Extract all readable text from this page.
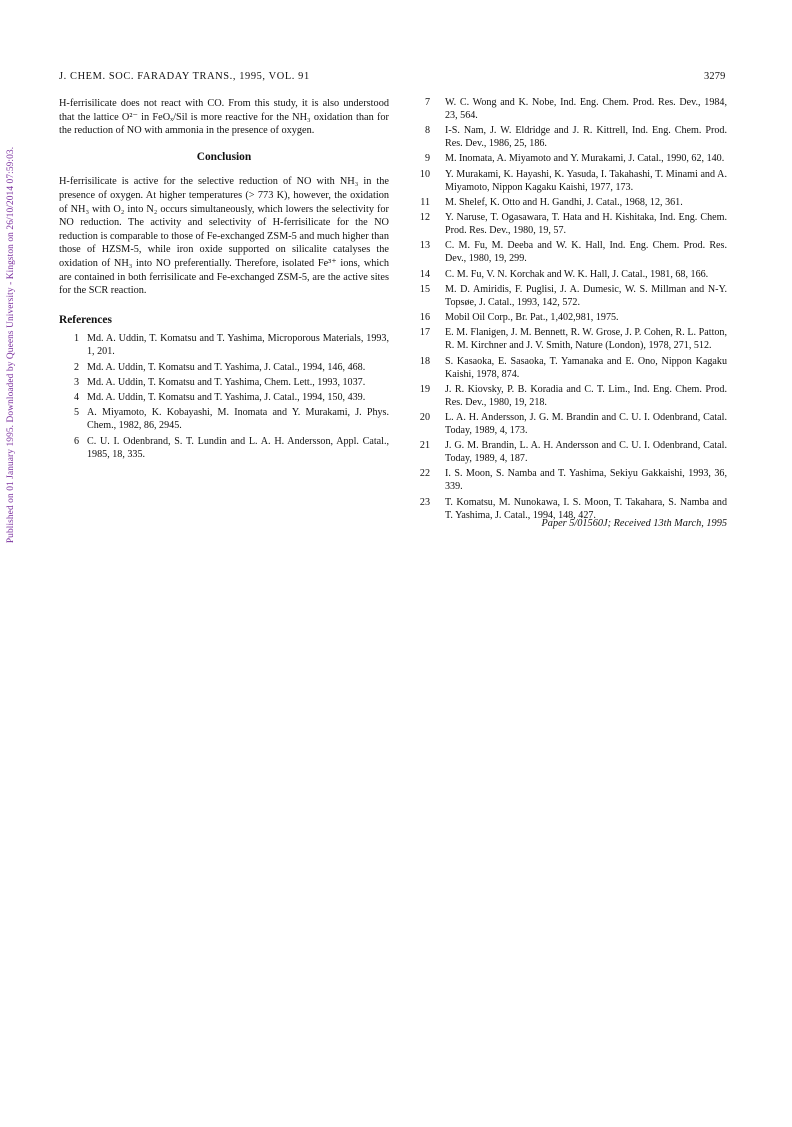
Published on 01 January 1995. Downloaded by Queens University - Kingston on 26/10/2014 07:59:03.
J. CHEM. SOC. FARADAY TRANS., 1995, VOL. 91	3279

H-ferrisilicate does not react with CO. From this study, it is also understood that the lattice O²⁻ in FeOₓ/Sil is more reactive for the NH₃ oxidation than for the reduction of NO with ammonia in the presence of oxygen.

Conclusion

H-ferrisilicate is active for the selective reduction of NO with NH₃ in the presence of oxygen. At higher temperatures (> 773 K), however, the oxidation of NH₃ with O₂ into N₂ occurs simultaneously, which lowers the selectivity for NO reduction. The activity and selectivity of H-ferrisilicate for the NO reduction is comparable to those of Fe-exchanged ZSM-5 and much higher than those of HZSM-5, while iron oxide supported on silicalite catalyses the oxidation of NH₃ into NO preferentially. Therefore, isolated Fe³⁺ ions, which are contained in both ferrisilicate and Fe-exchanged ZSM-5, are the active sites for the SCR reaction.

References
1 Md. A. Uddin, T. Komatsu and T. Yashima, Microporous Materials, 1993, 1, 201.
2 Md. A. Uddin, T. Komatsu and T. Yashima, J. Catal., 1994, 146, 468.
3 Md. A. Uddin, T. Komatsu and T. Yashima, Chem. Lett., 1993, 1037.
4 Md. A. Uddin, T. Komatsu and T. Yashima, J. Catal., 1994, 150, 439.
5 A. Miyamoto, K. Kobayashi, M. Inomata and Y. Murakami, J. Phys. Chem., 1982, 86, 2945.
6 C. U. I. Odenbrand, S. T. Lundin and L. A. H. Andersson, Appl. Catal., 1985, 18, 335.
7 W. C. Wong and K. Nobe, Ind. Eng. Chem. Prod. Res. Dev., 1984, 23, 564.
8 I-S. Nam, J. W. Eldridge and J. R. Kittrell, Ind. Eng. Chem. Prod. Res. Dev., 1986, 25, 186.
9 M. Inomata, A. Miyamoto and Y. Murakami, J. Catal., 1990, 62, 140.
10 Y. Murakami, K. Hayashi, K. Yasuda, I. Takahashi, T. Minami and A. Miyamoto, Nippon Kagaku Kaishi, 1977, 173.
11 M. Shelef, K. Otto and H. Gandhi, J. Catal., 1968, 12, 361.
12 Y. Naruse, T. Ogasawara, T. Hata and H. Kishitaka, Ind. Eng. Chem. Prod. Res. Dev., 1980, 19, 57.
13 C. M. Fu, M. Deeba and W. K. Hall, Ind. Eng. Chem. Prod. Res. Dev., 1980, 19, 299.
14 C. M. Fu, V. N. Korchak and W. K. Hall, J. Catal., 1981, 68, 166.
15 M. D. Amiridis, F. Puglisi, J. A. Dumesic, W. S. Millman and N-Y. Topsøe, J. Catal., 1993, 142, 572.
16 Mobil Oil Corp., Br. Pat., 1,402,981, 1975.
17 E. M. Flanigen, J. M. Bennett, R. W. Grose, J. P. Cohen, R. L. Patton, R. M. Kirchner and J. V. Smith, Nature (London), 1978, 271, 512.
18 S. Kasaoka, E. Sasaoka, T. Yamanaka and E. Ono, Nippon Kagaku Kaishi, 1978, 874.
19 J. R. Kiovsky, P. B. Koradia and C. T. Lim., Ind. Eng. Chem. Prod. Res. Dev., 1980, 19, 218.
20 L. A. H. Andersson, J. G. M. Brandin and C. U. I. Odenbrand, Catal. Today, 1989, 4, 173.
21 J. G. M. Brandin, L. A. H. Andersson and C. U. I. Odenbrand, Catal. Today, 1989, 4, 187.
22 I. S. Moon, S. Namba and T. Yashima, Sekiyu Gakkaishi, 1993, 36, 339.
23 T. Komatsu, M. Nunokawa, I. S. Moon, T. Takahara, S. Namba and T. Yashima, J. Catal., 1994, 148, 427.
Paper 5/01560J; Received 13th March, 1995
